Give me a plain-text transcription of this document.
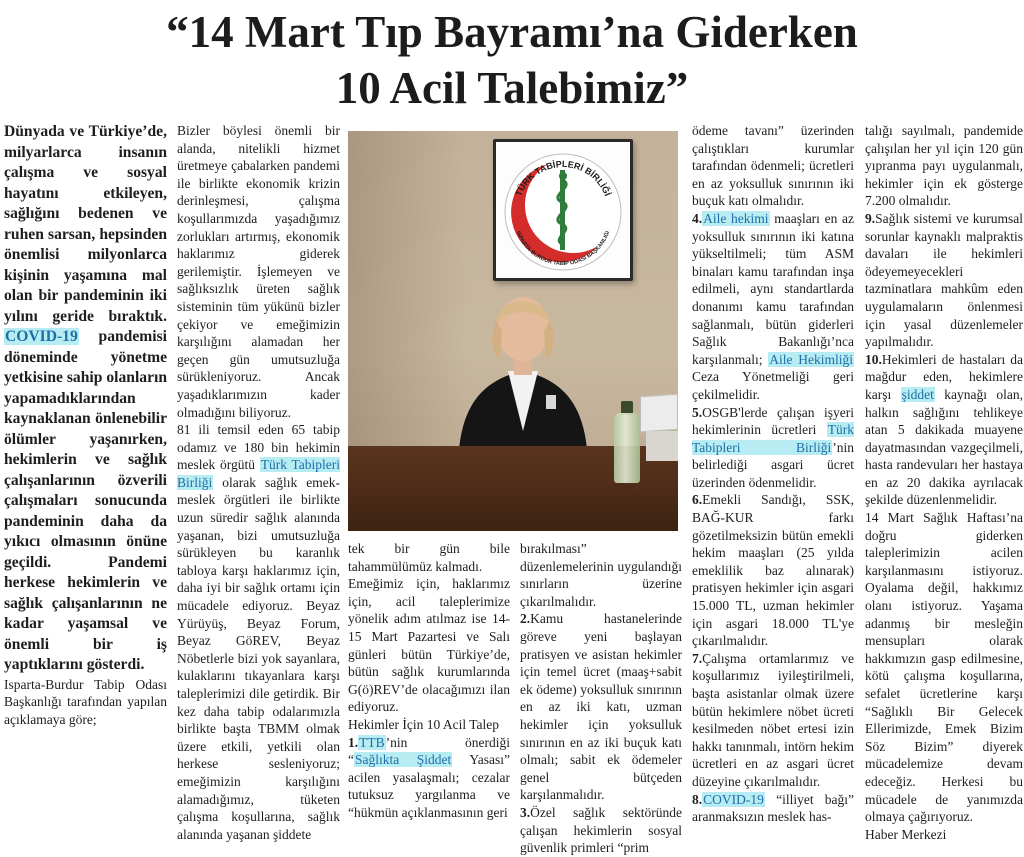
“14 Mart Tıp Bayramı’na Giderken
10 Acil Talebimiz”

Dünyada ve Türkiye’de, milyarlarca insanın çalışma ve sosyal hayatını etkileyen, sağlığını bedenen ve ruhen sarsan, hepsinden önemlisi milyonlarca kişinin yaşamına mal olan bir pandeminin iki yılını geride bıraktık. COVID-19 pandemisi döneminde yönetme yetkisine sahip olanların yapamadıklarından kaynaklanan önlenebilir ölümler yaşanırken, hekimlerin ve sağlık çalışanlarının özverili çalışmaları sonucunda pandeminin daha da yıkıcı olmasının önüne geçildi. Pandemi herkese hekimlerin ve sağlık çalışanlarının ne kadar yaşamsal ve önemli bir iş yaptıklarını gösterdi.

Isparta-Burdur Tabip Odası Başkanlığı tarafından yapılan açıklamaya göre;

Bizler böylesi önemli bir alanda, nitelikli hizmet üretmeye çabalarken pandemi ile birlikte ekonomik krizin derinleşmesi, çalışma koşullarımızda yaşadığımız zorlukları artırmış, ekonomik haklarımız giderek gerilemiştir. İşlemeyen ve sağlıksızlık üreten sağlık sisteminin tüm yükünü bizler çekiyor ve emeğimizin karşılığını alamadan her geçen gün umutsuzluğa sürükleniyoruz. Ancak yaşadıklarımızın kader olmadığını biliyoruz.

81 ili temsil eden 65 tabip odamız ve 180 bin hekimin meslek örgütü Türk Tabipleri Birliği olarak sağlık emek-meslek örgütleri ile birlikte uzun süredir sağlık alanında yaşanan, bizi umutsuzluğa sürükleyen bu karanlık tabloya karşı haklarımız için, daha iyi bir sağlık ortamı için mücadele ediyoruz. Beyaz Yürüyüş, Beyaz Forum, Beyaz GöREV, Beyaz Nöbetlerle bizi yok sayanlara, kulaklarını tıkayanlara karşı taleplerimizi dile getirdik. Bir kez daha tabip odalarımızla birlikte başta TBMM olmak üzere etkili, yetkili olan herkese sesleniyoruz; emeğimizin karşılığını alamadığımız, tüketen çalışma koşullarına, sağlık alanında yaşanan şiddete

TÜRK TABİPLERİ BİRLİĞİ
ISPARTA-BURDUR TABİP ODASI BAŞKANLIĞI

tek bir gün bile tahammülümüz kalmadı.

Emeğimiz için, haklarımız için, acil taleplerimize yönelik adım atılmaz ise 14-15 Mart Pazartesi ve Salı günleri bütün Türkiye’de, bütün sağlık kurumlarında G(ö)REV’de olacağımızı ilan ediyoruz.

Hekimler İçin 10 Acil Talep

1.TTB’nin önerdiği “Sağlıkta Şiddet Yasası” acilen yasalaşmalı; cezalar tutuksuz yargılanma ve “hükmün açıklanmasının geri

bırakılması” düzenlemelerinin uygulandığı sınırların üzerine çıkarılmalıdır.

2.Kamu hastanelerinde göreve yeni başlayan pratisyen ve asistan hekimler için temel ücret (maaş+sabit ek ödeme) yoksulluk sınırının en az iki katı, uzman hekimler için yoksulluk sınırının en az iki buçuk katı olmalı; sabit ek ödemeler genel bütçeden karşılanmalıdır.

3.Özel sağlık sektöründe çalışan hekimlerin sosyal güvenlik primleri “prim

ödeme tavanı” üzerinden çalıştıkları kurumlar tarafından ödenmeli; ücretleri en az yoksulluk sınırının iki buçuk katı olmalıdır.

4.Aile hekimi maaşları en az yoksulluk sınırının iki katına yükseltilmeli; tüm ASM binaları kamu tarafından inşa edilmeli, aynı standartlarda donanımı kamu tarafından sağlanmalı, bütün giderleri Sağlık Bakanlığı’nca karşılanmalı; Aile Hekimliği Ceza Yönetmeliği geri çekilmelidir.

5.OSGB'lerde çalışan işyeri hekimlerinin ücretleri Türk Tabipleri Birliği’nin belirlediği asgari ücret üzerinden ödenmelidir.

6.Emekli Sandığı, SSK, BAĞ-KUR farkı gözetilmeksizin bütün emekli hekim maaşları (25 yılda emeklilik baz alınarak) pratisyen hekimler için asgari 15.000 TL, uzman hekimler için asgari 18.000 TL'ye çıkarılmalıdır.

7.Çalışma ortamlarımız ve koşullarımız iyileştirilmeli, başta asistanlar olmak üzere bütün hekimlere nöbet ücreti kesilmeden nöbet ertesi izin hakkı tanınmalı, intörn hekim ücretleri en az asgari ücret düzeyine çıkarılmalıdır.

8.COVID-19 “illiyet bağı” aranmaksızın meslek has-

talığı sayılmalı, pandemide çalışılan her yıl için 120 gün yıpranma payı uygulanmalı, hekimler için ek gösterge 7.200 olmalıdır.

9.Sağlık sistemi ve kurumsal sorunlar kaynaklı malpraktis davaları ile hekimleri ödeyemeyecekleri tazminatlara mahkûm eden uygulamaların önlenmesi için yasal düzenlemeler yapılmalıdır.

10.Hekimleri de hastaları da mağdur eden, hekimlere karşı şiddet kaynağı olan, halkın sağlığını tehlikeye atan 5 dakikada muayene dayatmasından vazgeçilmeli, hasta randevuları her hastaya en az 20 dakika ayrılacak şekilde düzenlenmelidir.

14 Mart Sağlık Haftası’na doğru giderken taleplerimizin acilen karşılanmasını istiyoruz. Oyalama değil, hakkımız olanı istiyoruz. Yaşama adanmış bir mesleğin mensupları olarak hakkımızın gasp edilmesine, kötü çalışma koşullarına, sefalet ücretlerine karşı “Sağlıklı Bir Gelecek Ellerimizde, Emek Bizim Söz Bizim” diyerek mücadelemize devam edeceğiz. Herkesi bu mücadele de yanımızda olmaya çağırıyoruz.

Haber Merkezi
